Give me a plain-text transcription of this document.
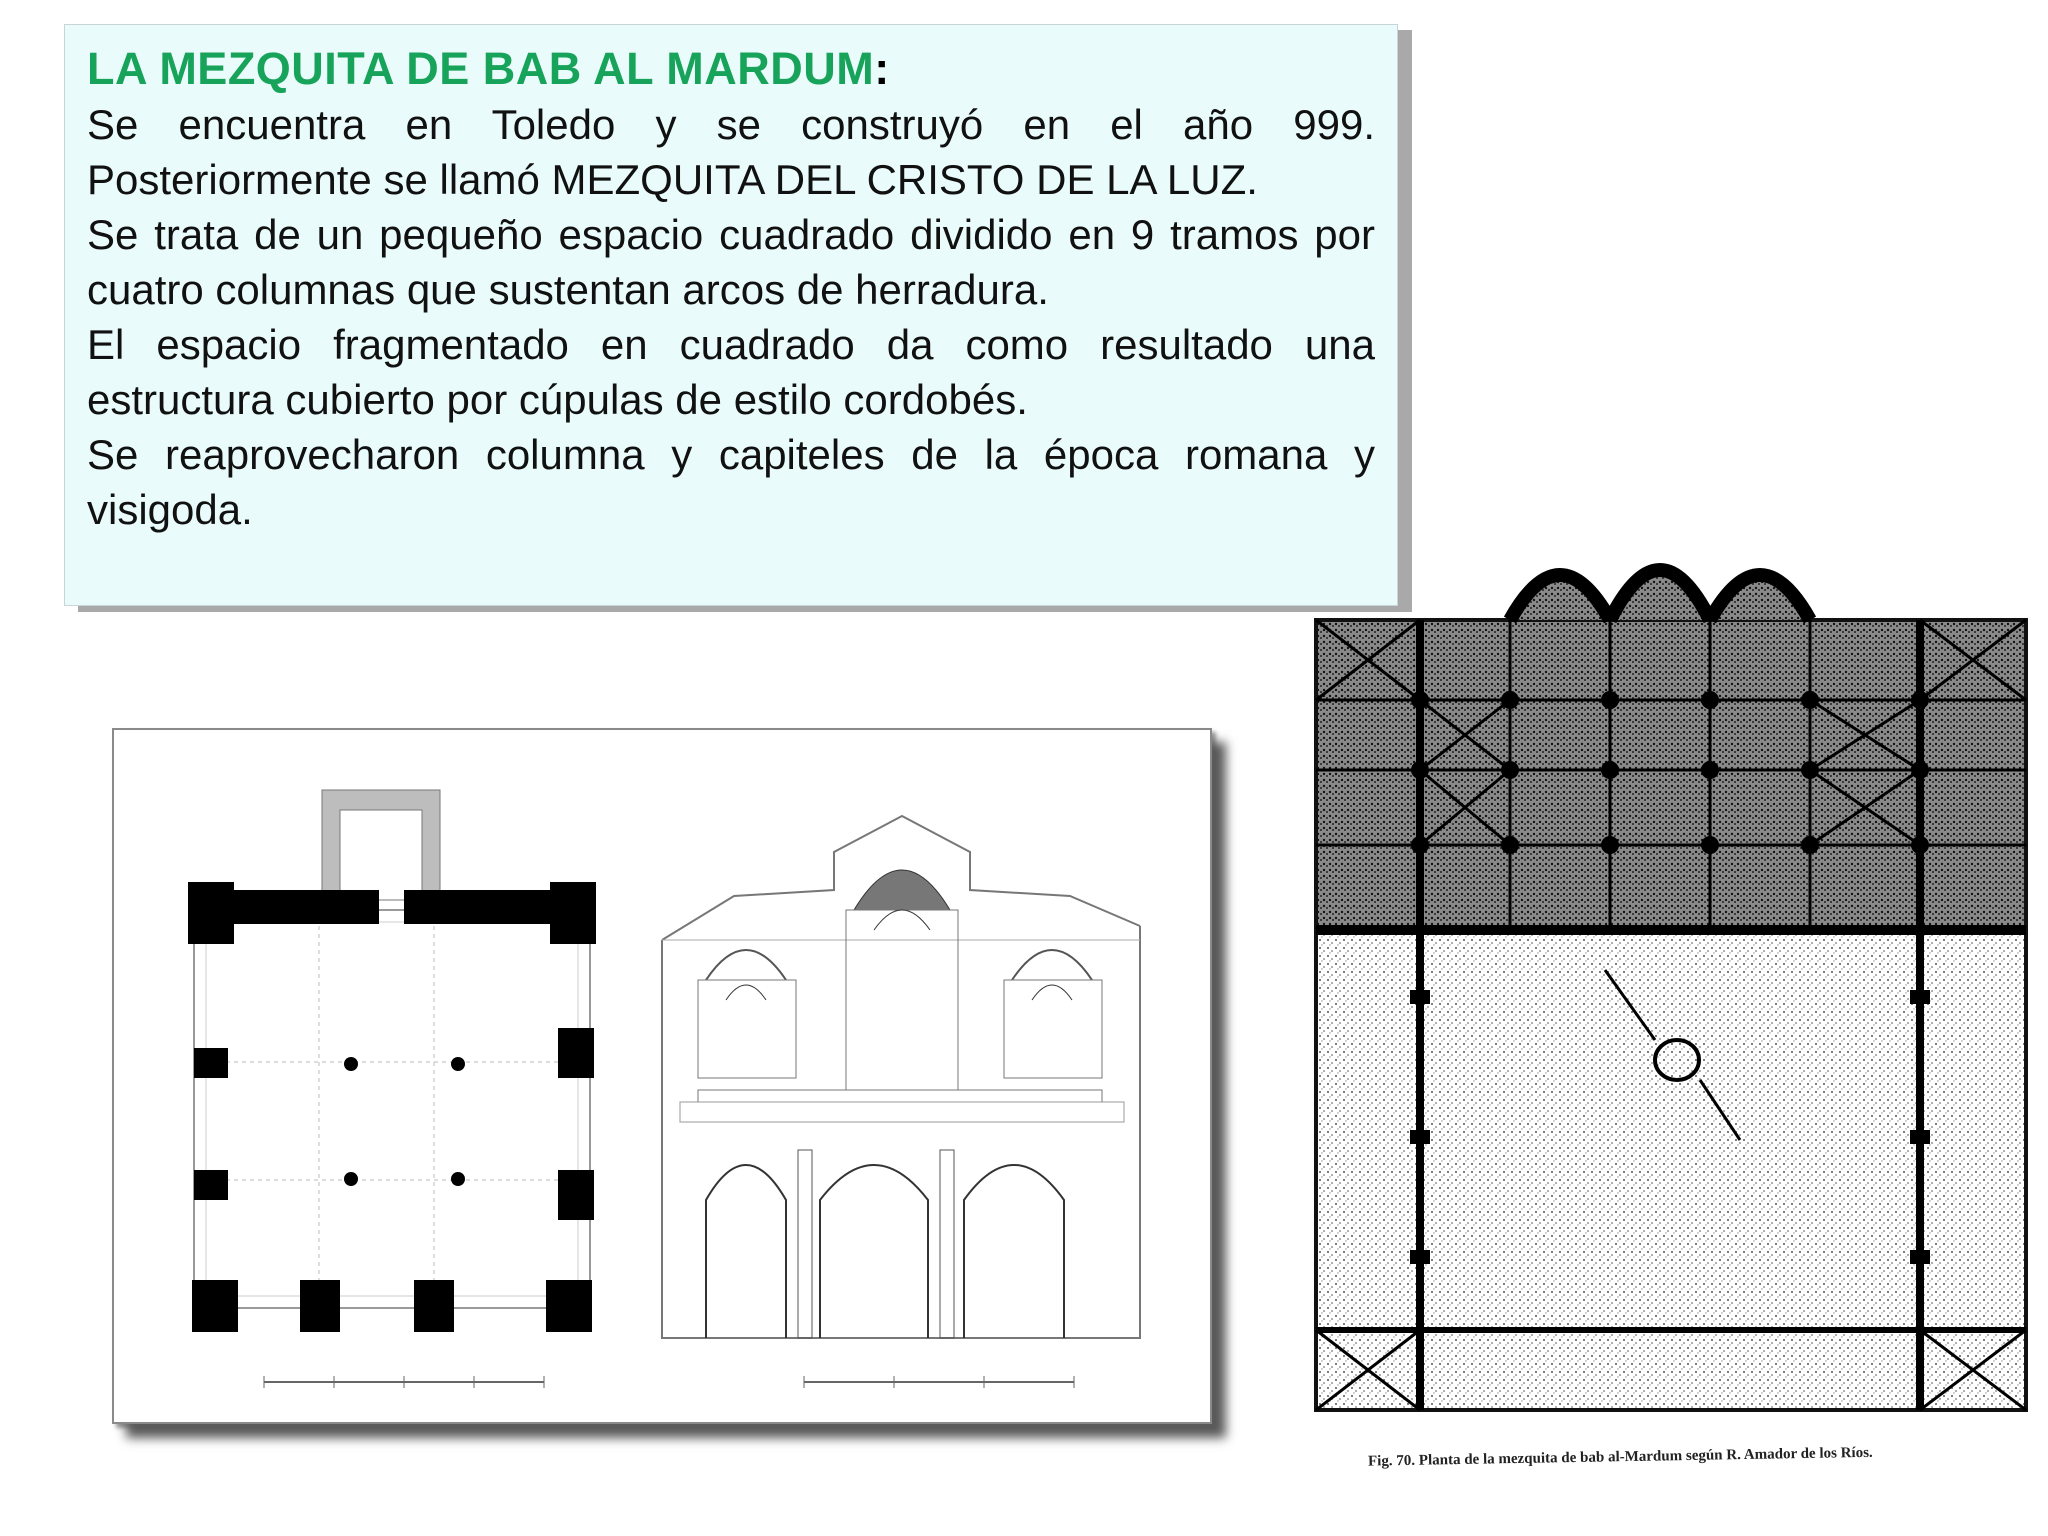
LA MEZQUITA DE BAB AL MARDUM:

Se encuentra en Toledo y se construyó en el año 999. Posteriormente se llamó MEZQUITA DEL CRISTO DE LA LUZ.

Se trata de un pequeño espacio cuadrado dividido en 9 tramos por cuatro columnas que sustentan arcos de herradura.

El espacio fragmentado en cuadrado da como resultado una estructura cubierto por cúpulas de estilo cordobés.

Se reaprovecharon columna y capiteles de la época romana y visigoda.

Fig. 70. Planta de la mezquita de bab al-Mardum según R. Amador de los Ríos.
